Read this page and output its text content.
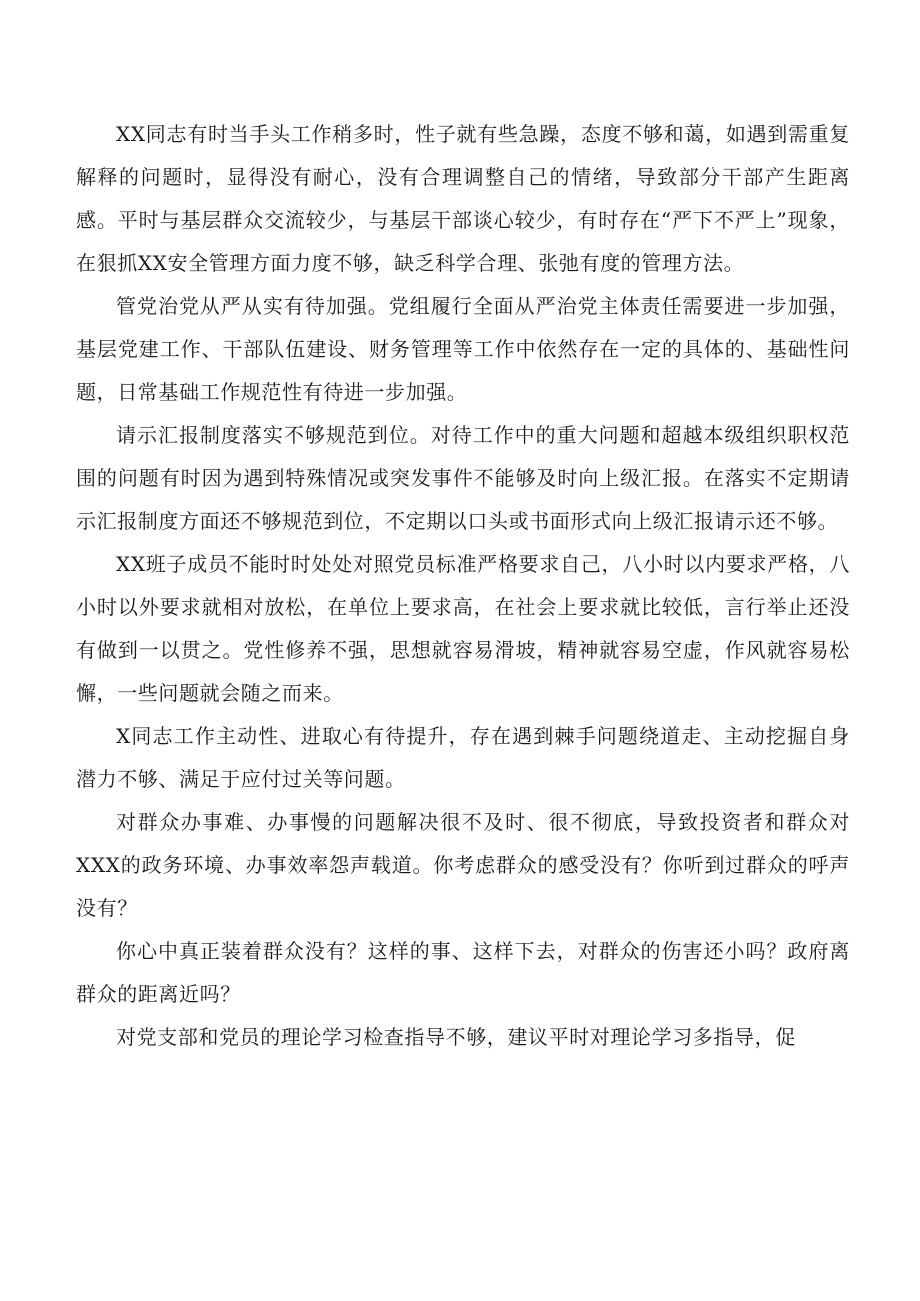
XX同志有时当手头工作稍多时，性子就有些急躁，态度不够和蔼，如遇到需重复解释的问题时，显得没有耐心，没有合理调整自己的情绪，导致部分干部产生距离感。平时与基层群众交流较少，与基层干部谈心较少，有时存在“严下不严上”现象，在狠抓XX安全管理方面力度不够，缺乏科学合理、张弛有度的管理方法。

管党治党从严从实有待加强。党组履行全面从严治党主体责任需要进一步加强，基层党建工作、干部队伍建设、财务管理等工作中依然存在一定的具体的、基础性问题，日常基础工作规范性有待进一步加强。

请示汇报制度落实不够规范到位。对待工作中的重大问题和超越本级组织职权范围的问题有时因为遇到特殊情况或突发事件不能够及时向上级汇报。在落实不定期请示汇报制度方面还不够规范到位，不定期以口头或书面形式向上级汇报请示还不够。

XX班子成员不能时时处处对照党员标准严格要求自己，八小时以内要求严格，八小时以外要求就相对放松，在单位上要求高，在社会上要求就比较低，言行举止还没有做到一以贯之。党性修养不强，思想就容易滑坡，精神就容易空虚，作风就容易松懈，一些问题就会随之而来。

X同志工作主动性、进取心有待提升，存在遇到棘手问题绕道走、主动挖掘自身潜力不够、满足于应付过关等问题。

对群众办事难、办事慢的问题解决很不及时、很不彻底，导致投资者和群众对XXX的政务环境、办事效率怨声载道。你考虑群众的感受没有？你听到过群众的呼声没有？

你心中真正装着群众没有？这样的事、这样下去，对群众的伤害还小吗？政府离群众的距离近吗？

对党支部和党员的理论学习检查指导不够，建议平时对理论学习多指导，促
